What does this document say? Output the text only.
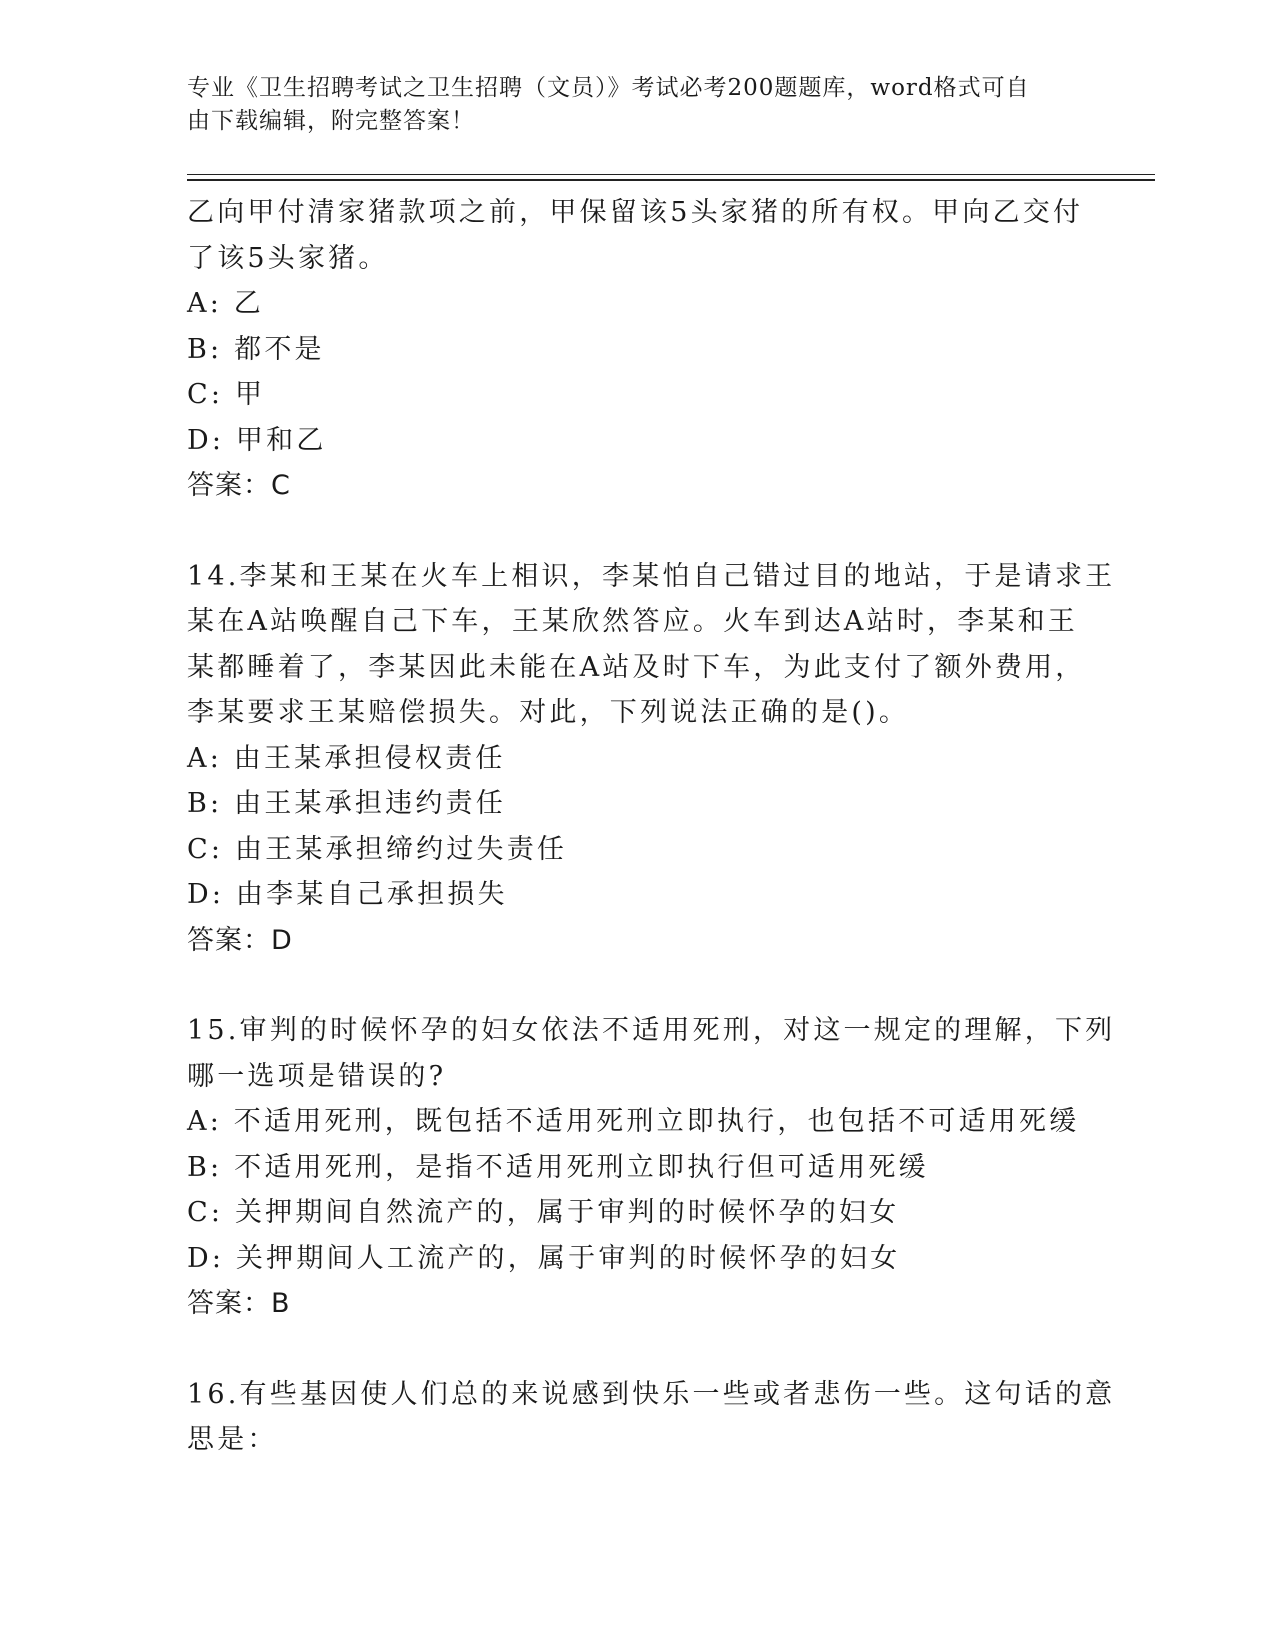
专业《卫生招聘考试之卫生招聘（文员）》考试必考200题题库，word格式可自
由下载编辑，附完整答案！
乙向甲付清家猪款项之前，甲保留该5头家猪的所有权。甲向乙交付
了该5头家猪。
A: 乙
B: 都不是
C: 甲
D: 甲和乙
答案：C
14.李某和王某在火车上相识，李某怕自己错过目的地站，于是请求王
某在A站唤醒自己下车，王某欣然答应。火车到达A站时，李某和王
某都睡着了，李某因此未能在A站及时下车，为此支付了额外费用，
李某要求王某赔偿损失。对此，下列说法正确的是()。
A: 由王某承担侵权责任
B: 由王某承担违约责任
C: 由王某承担缔约过失责任
D: 由李某自己承担损失
答案：D
15.审判的时候怀孕的妇女依法不适用死刑，对这一规定的理解，下列
哪一选项是错误的?
A: 不适用死刑，既包括不适用死刑立即执行，也包括不可适用死缓
B: 不适用死刑，是指不适用死刑立即执行但可适用死缓
C: 关押期间自然流产的，属于审判的时候怀孕的妇女
D: 关押期间人工流产的，属于审判的时候怀孕的妇女
答案：B
16.有些基因使人们总的来说感到快乐一些或者悲伤一些。这句话的意
思是：
